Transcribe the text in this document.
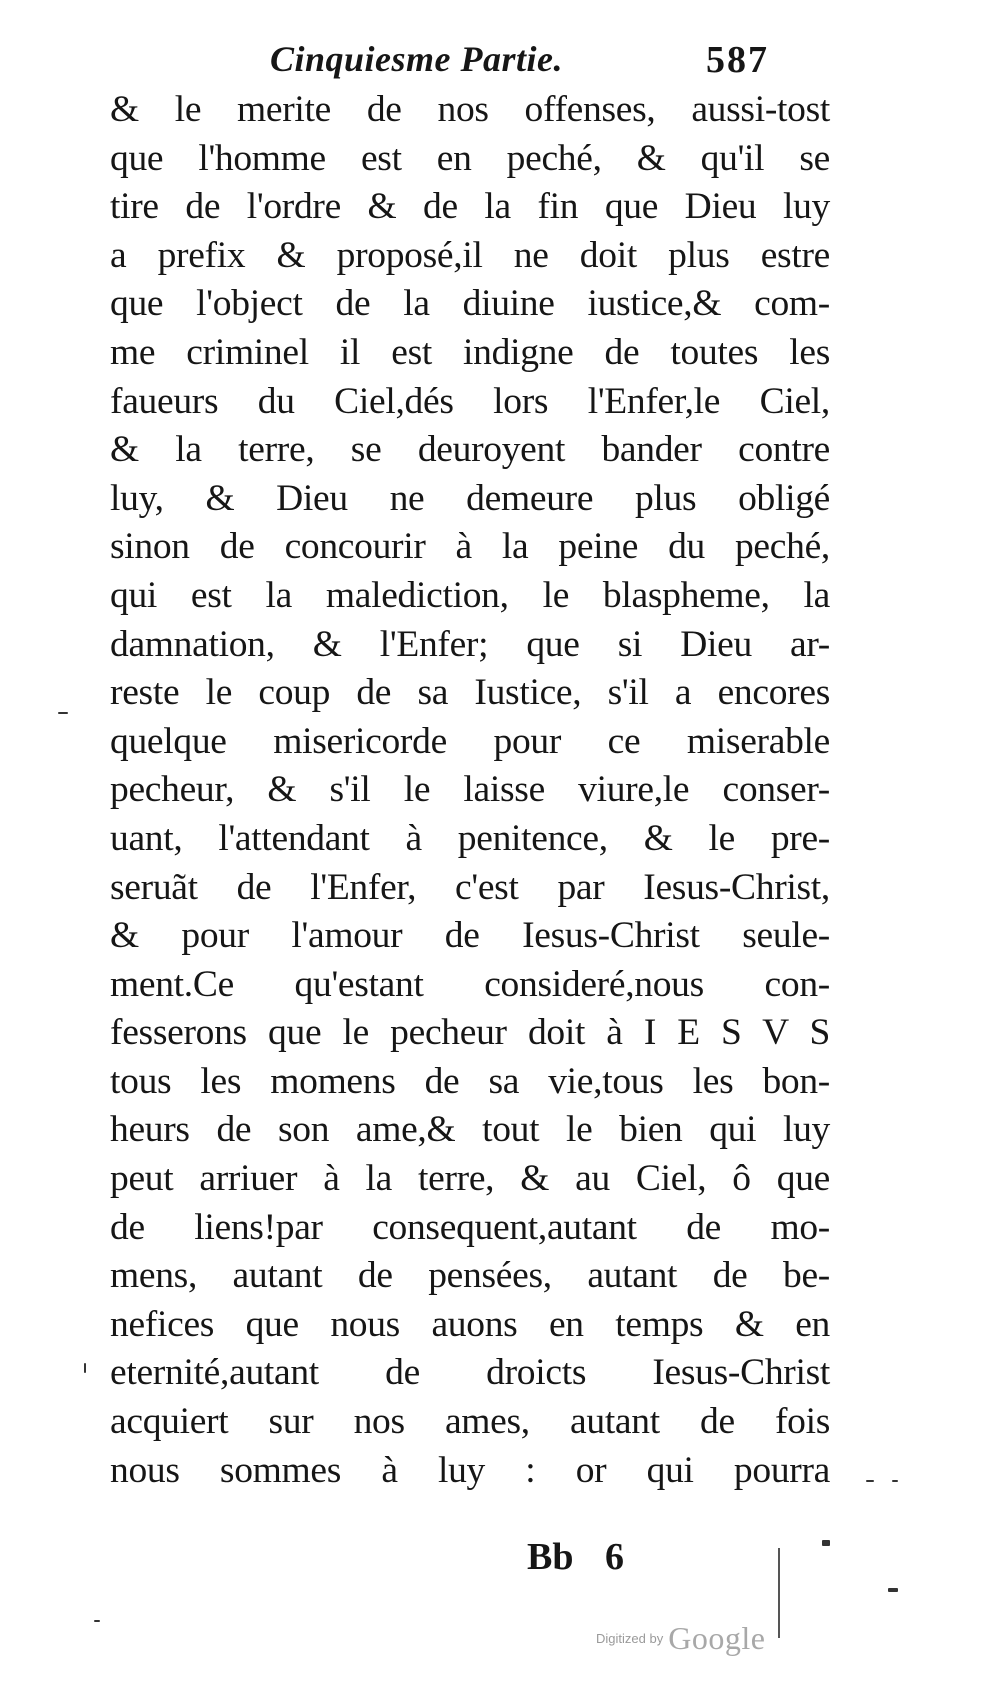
Cinquiesme Partie.	587
& le merite de nos offenses, aussi-tost
que l'homme est en peché, & qu'il se
tire de l'ordre & de la fin que Dieu luy
a prefix & proposé,il ne doit plus estre
que l'object de la diuine iustice,& com-
me criminel il est indigne de toutes les
faueurs du Ciel,dés lors l'Enfer,le Ciel,
& la terre, se deuroyent bander contre
luy, & Dieu ne demeure plus obligé
sinon de concourir à la peine du peché,
qui est la malediction, le blaspheme, la
damnation, & l'Enfer; que si Dieu ar-
reste le coup de sa Iustice, s'il a encores
quelque misericorde pour ce miserable
pecheur, & s'il le laisse viure,le conser-
uant, l'attendant à penitence, & le pre-
seruãt de l'Enfer, c'est par Iesus-Christ,
& pour l'amour de Iesus-Christ seule-
ment.Ce qu'estant consideré,nous con-
fesserons que le pecheur doit à I E S V S
tous les momens de sa vie,tous les bon-
heurs de son ame,& tout le bien qui luy
peut arriuer à la terre, & au Ciel, ô que
de liens!par consequent,autant de mo-
mens, autant de pensées, autant de be-
nefices que nous auons en temps & en
eternité,autant de droicts Iesus-Christ
acquiert sur nos ames, autant de fois
nous sommes à luy : or qui pourra
Bb 6
Digitized by Google
